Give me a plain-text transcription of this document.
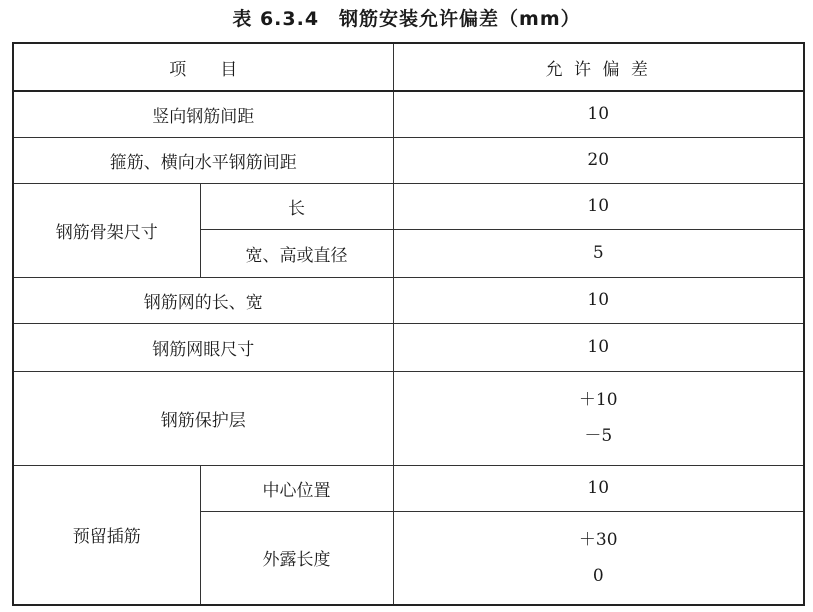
表 6.3.4　钢筋安装允许偏差（mm）
项　　目		允 许 偏 差
竖向钢筋间距		10
箍筋、横向水平钢筋间距		20
钢筋骨架尺寸	长	10
	宽、高或直径	5
钢筋网的长、宽		10
钢筋网眼尺寸		10
钢筋保护层		＋10
－5

预留插筋	中心位置	10
	外露长度	＋30
0
